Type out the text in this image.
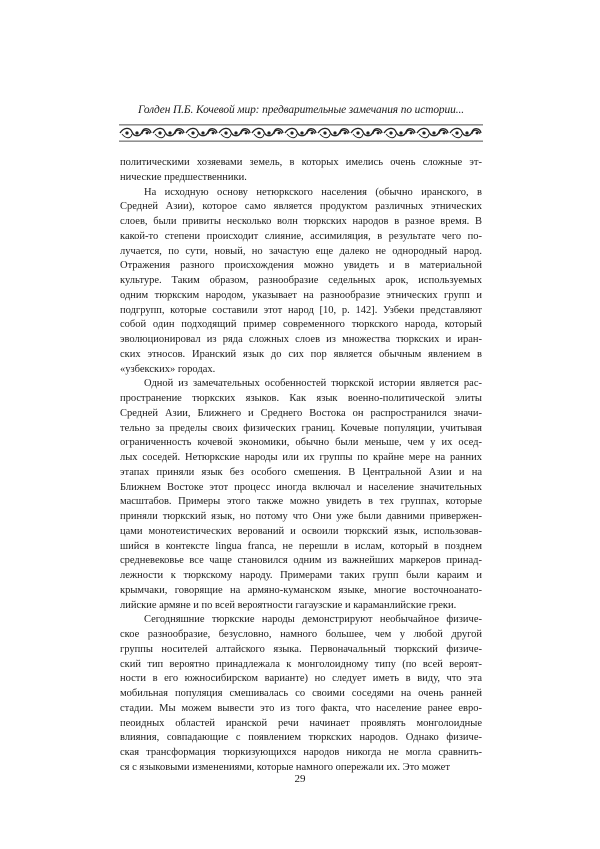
Голден П.Б. Кочевой мир: предварительные замечания по истории...
политическими хозяевами земель, в которых имелись очень сложные эт-
нические предшественники.
На исходную основу нетюркского населения (обычно иранского, в
Средней Азии), которое само является продуктом различных этнических
слоев, были привиты несколько волн тюркских народов в разное время. В
какой-то степени происходит слияние, ассимиляция, в результате чего по-
лучается, по сути, новый, но зачастую еще далеко не однородный народ.
Отражения разного происхождения можно увидеть и в материальной
культуре. Таким образом, разнообразие седельных арок, используемых
одним тюркским народом, указывает на разнообразие этнических групп и
подгрупп, которые составили этот народ [10, p. 142]. Узбеки представляют
собой один подходящий пример современного тюркского народа, который
эволюционировал из ряда сложных слоев из множества тюркских и иран-
ских этносов. Иранский язык до сих пор является обычным явлением в
«узбекских» городах.
Одной из замечательных особенностей тюркской истории является рас-
пространение тюркских языков. Как язык военно-политической элиты
Средней Азии, Ближнего и Среднего Востока он распространился значи-
тельно за пределы своих физических границ. Кочевые популяции, учитывая
ограниченность кочевой экономики, обычно были меньше, чем у их осед-
лых соседей. Нетюркские народы или их группы по крайне мере на ранних
этапах приняли язык без особого смешения. В Центральной Азии и на
Ближнем Востоке этот процесс иногда включал и население значительных
масштабов. Примеры этого также можно увидеть в тех группах, которые
приняли тюркский язык, но потому что Они уже были давними привержен-
цами монотеистических верований и освоили тюркский язык, использовав-
шийся в контексте lingua franca, не перешли в ислам, который в позднем
средневековье все чаще становился одним из важнейших маркеров принад-
лежности к тюркскому народу. Примерами таких групп были караим и
крымчаки, говорящие на армяно-куманском языке, многие восточноанато-
лийские армяне и по всей вероятности гагаузские и караманлийские греки.
Сегодняшние тюркские народы демонстрируют необычайное физиче-
ское разнообразие, безусловно, намного большее, чем у любой другой
группы носителей алтайского языка. Первоначальный тюркский физиче-
ский тип вероятно принадлежала к монголоидному типу (по всей вероят-
ности в его южносибирском варианте) но следует иметь в виду, что эта
мобильная популяция смешивалась со своими соседями на очень ранней
стадии. Мы можем вывести это из того факта, что население ранее евро-
пеоидных областей иранской речи начинает проявлять монголоидные
влияния, совпадающие с появлением тюркских народов. Однако физиче-
ская трансформация тюркизующихся народов никогда не могла сравнить-
ся с языковыми изменениями, которые намного опережали их. Это может
29
